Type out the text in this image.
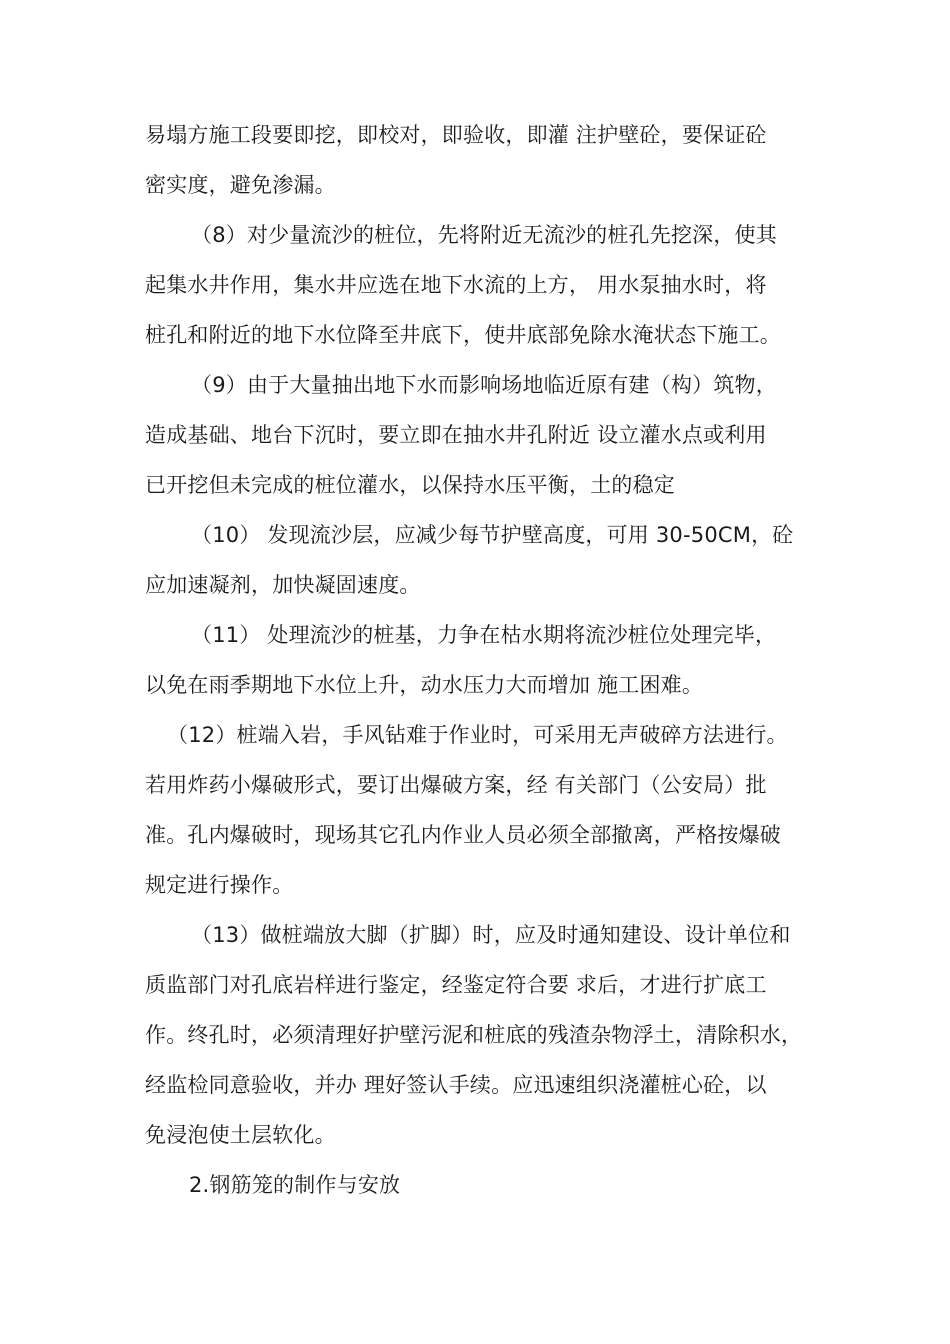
易塌方施工段要即挖，即校对，即验收，即灌 注护壁砼，要保证砼
密实度，避免渗漏。
（8）对少量流沙的桩位，先将附近无流沙的桩孔先挖深，使其
起集水井作用，集水井应选在地下水流的上方， 用水泵抽水时，将
桩孔和附近的地下水位降至井底下，使井底部免除水淹状态下施工。
（9）由于大量抽出地下水而影响场地临近原有建（构）筑物，
造成基础、地台下沉时，要立即在抽水井孔附近 设立灌水点或利用
已开挖但未完成的桩位灌水，以保持水压平衡，土的稳定
（10） 发现流沙层，应减少每节护壁高度，可用 30-50CM，砼
应加速凝剂，加快凝固速度。
（11） 处理流沙的桩基，力争在枯水期将流沙桩位处理完毕，
以免在雨季期地下水位上升，动水压力大而增加 施工困难。
（12）桩端入岩，手风钻难于作业时，可采用无声破碎方法进行。
若用炸药小爆破形式，要订出爆破方案，经 有关部门（公安局）批
准。孔内爆破时，现场其它孔内作业人员必须全部撤离，严格按爆破
规定进行操作。
（13）做桩端放大脚（扩脚）时，应及时通知建设、设计单位和
质监部门对孔底岩样进行鉴定，经鉴定符合要 求后，才进行扩底工
作。终孔时，必须清理好护壁污泥和桩底的残渣杂物浮土，清除积水，
经监检同意验收，并办 理好签认手续。应迅速组织浇灌桩心砼，以
免浸泡使土层软化。
2.钢筋笼的制作与安放
